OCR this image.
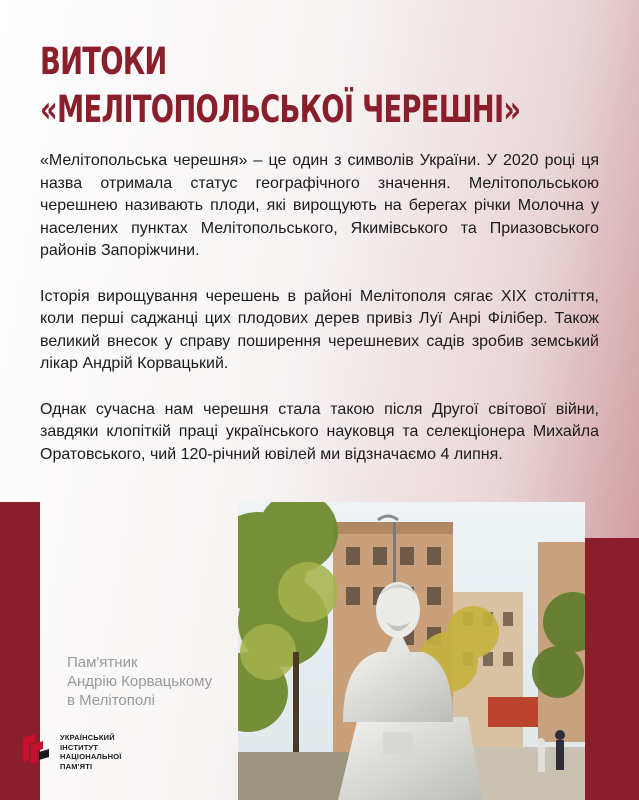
ВИТОКИ
«МЕЛІТОПОЛЬСЬКОЇ ЧЕРЕШНІ»

«Мелітопольська черешня» – це один з символів України. У 2020 році ця назва отримала статус географічного значення. Мелітопольською черешнею називають плоди, які вирощують на берегах річки Молочна у населених пунктах Мелітопольського, Якимівського та Приазовського районів Запоріжчини.

Історія вирощування черешень в районі Мелітополя сягає XIX століття, коли перші саджанці цих плодових дерев привіз Луї Анрі Філібер. Також великий внесок у справу поширення черешневих садів зробив земський лікар Андрій Корвацький.

Однак сучасна нам черешня стала такою після Другої світової війни, завдяки клопіткій праці українського науковця та селекціонера Михайла Оратовського, чий 120-річний ювілей ми відзначаємо 4 липня.

Пам'ятник
Андрію Корвацькому
в Мелітополі
УКРАЇНСЬКИЙ
ІНСТИТУТ
НАЦІОНАЛЬНОЇ
ПАМ'ЯТІ
